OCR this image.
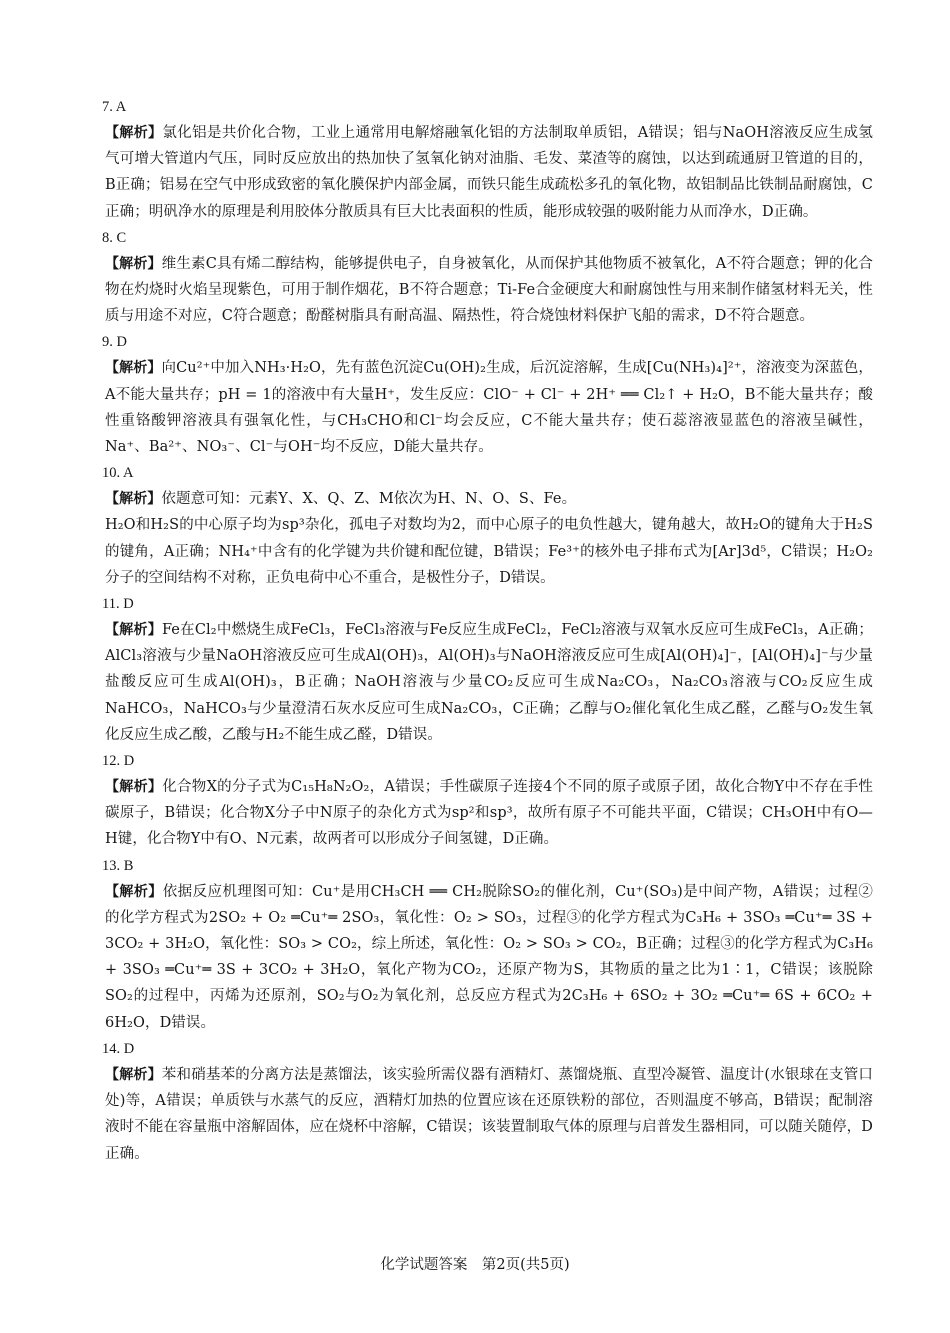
7. A

【解析】氯化铝是共价化合物，工业上通常用电解熔融氧化铝的方法制取单质铝，A错误；铝与NaOH溶液反应生成氢气可增大管道内气压，同时反应放出的热加快了氢氧化钠对油脂、毛发、菜渣等的腐蚀，以达到疏通厨卫管道的目的，B正确；铝易在空气中形成致密的氧化膜保护内部金属，而铁只能生成疏松多孔的氧化物，故铝制品比铁制品耐腐蚀，C正确；明矾净水的原理是利用胶体分散质具有巨大比表面积的性质，能形成较强的吸附能力从而净水，D正确。

8. C

【解析】维生素C具有烯二醇结构，能够提供电子，自身被氧化，从而保护其他物质不被氧化，A不符合题意；钾的化合物在灼烧时火焰呈现紫色，可用于制作烟花，B不符合题意；Ti-Fe合金硬度大和耐腐蚀性与用来制作储氢材料无关，性质与用途不对应，C符合题意；酚醛树脂具有耐高温、隔热性，符合烧蚀材料保护飞船的需求，D不符合题意。

9. D

【解析】向Cu²⁺中加入NH₃·H₂O，先有蓝色沉淀Cu(OH)₂生成，后沉淀溶解，生成[Cu(NH₃)₄]²⁺，溶液变为深蓝色，A不能大量共存；pH = 1的溶液中有大量H⁺，发生反应：ClO⁻ + Cl⁻ + 2H⁺ ══ Cl₂↑ + H₂O，B不能大量共存；酸性重铬酸钾溶液具有强氧化性，与CH₃CHO和Cl⁻均会反应，C不能大量共存；使石蕊溶液显蓝色的溶液呈碱性，Na⁺、Ba²⁺、NO₃⁻、Cl⁻与OH⁻均不反应，D能大量共存。

10. A

【解析】依题意可知：元素Y、X、Q、Z、M依次为H、N、O、S、Fe。

H₂O和H₂S的中心原子均为sp³杂化，孤电子对数均为2，而中心原子的电负性越大，键角越大，故H₂O的键角大于H₂S的键角，A正确；NH₄⁺中含有的化学键为共价键和配位键，B错误；Fe³⁺的核外电子排布式为[Ar]3d⁵，C错误；H₂O₂分子的空间结构不对称，正负电荷中心不重合，是极性分子，D错误。

11. D

【解析】Fe在Cl₂中燃烧生成FeCl₃，FeCl₃溶液与Fe反应生成FeCl₂，FeCl₂溶液与双氧水反应可生成FeCl₃，A正确；AlCl₃溶液与少量NaOH溶液反应可生成Al(OH)₃，Al(OH)₃与NaOH溶液反应可生成[Al(OH)₄]⁻，[Al(OH)₄]⁻与少量盐酸反应可生成Al(OH)₃，B正确；NaOH溶液与少量CO₂反应可生成Na₂CO₃，Na₂CO₃溶液与CO₂反应生成NaHCO₃，NaHCO₃与少量澄清石灰水反应可生成Na₂CO₃，C正确；乙醇与O₂催化氧化生成乙醛，乙醛与O₂发生氧化反应生成乙酸，乙酸与H₂不能生成乙醛，D错误。

12. D

【解析】化合物X的分子式为C₁₅H₈N₂O₂，A错误；手性碳原子连接4个不同的原子或原子团，故化合物Y中不存在手性碳原子，B错误；化合物X分子中N原子的杂化方式为sp²和sp³，故所有原子不可能共平面，C错误；CH₃OH中有O—H键，化合物Y中有O、N元素，故两者可以形成分子间氢键，D正确。

13. B

【解析】依据反应机理图可知：Cu⁺是用CH₃CH ══ CH₂脱除SO₂的催化剂，Cu⁺(SO₃)是中间产物，A错误；过程②的化学方程式为2SO₂ + O₂ ═Cu⁺═ 2SO₃，氧化性：O₂ > SO₃，过程③的化学方程式为C₃H₆ + 3SO₃ ═Cu⁺═ 3S + 3CO₂ + 3H₂O，氧化性：SO₃ > CO₂，综上所述，氧化性：O₂ > SO₃ > CO₂，B正确；过程③的化学方程式为C₃H₆ + 3SO₃ ═Cu⁺═ 3S + 3CO₂ + 3H₂O，氧化产物为CO₂，还原产物为S，其物质的量之比为1∶1，C错误；该脱除SO₂的过程中，丙烯为还原剂，SO₂与O₂为氧化剂，总反应方程式为2C₃H₆ + 6SO₂ + 3O₂ ═Cu⁺═ 6S + 6CO₂ + 6H₂O，D错误。

14. D

【解析】苯和硝基苯的分离方法是蒸馏法，该实验所需仪器有酒精灯、蒸馏烧瓶、直型冷凝管、温度计(水银球在支管口处)等，A错误；单质铁与水蒸气的反应，酒精灯加热的位置应该在还原铁粉的部位，否则温度不够高，B错误；配制溶液时不能在容量瓶中溶解固体，应在烧杯中溶解，C错误；该装置制取气体的原理与启普发生器相同，可以随关随停，D正确。

化学试题答案　第2页(共5页)
